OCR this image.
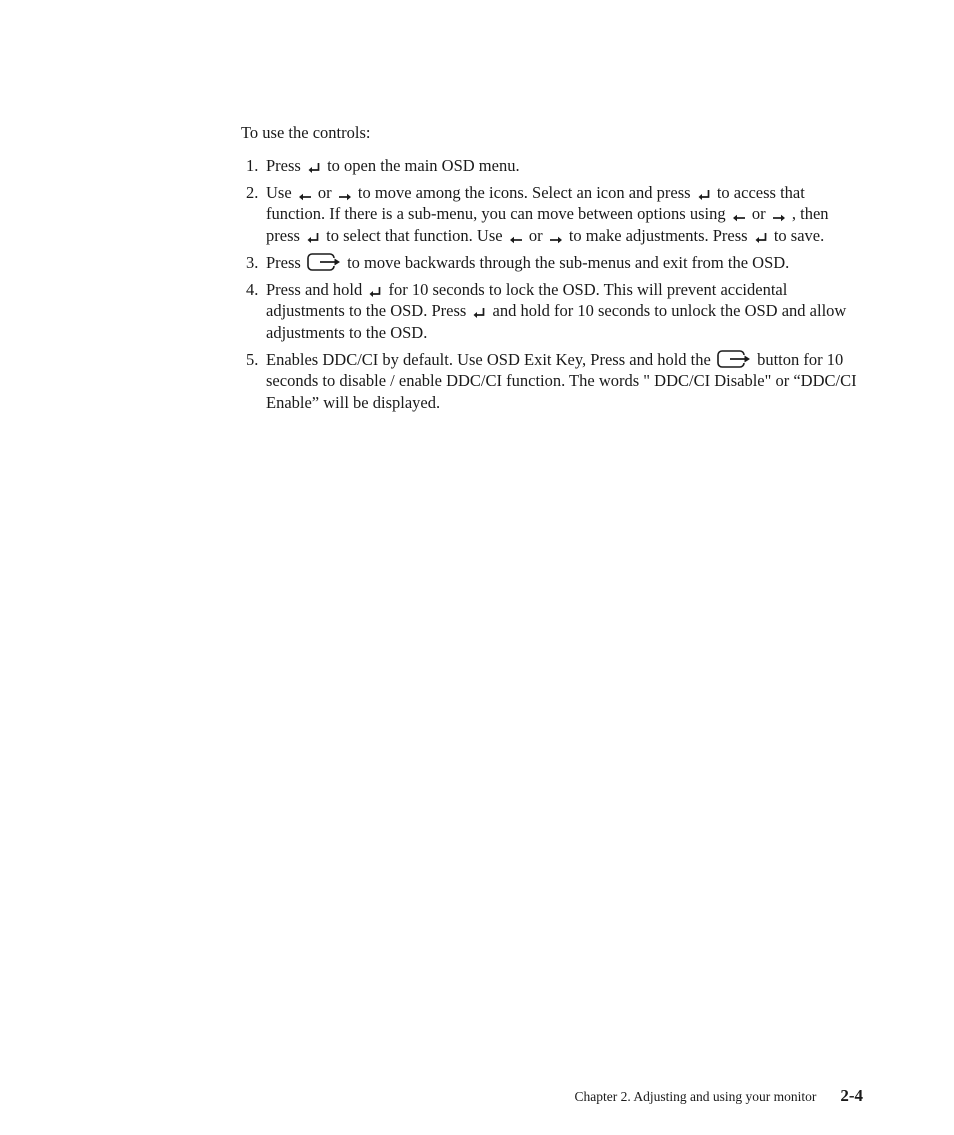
To use the controls:

1. Press to open the main OSD menu.
2. Use or to move among the icons. Select an icon and press to access that function. If there is a sub-menu, you can move between options using or , then press to select that function. Use or to make adjustments. Press to save.
3. Press	to move backwards through the sub-menus and exit from the OSD.
4. Press and hold for 10 seconds to lock the OSD. This will prevent accidental adjustments to the OSD. Press and hold for 10 seconds to unlock the OSD and allow adjustments to the OSD.
5. Enables DDC/CI by default. Use OSD Exit Key, Press and hold the	button for 10 seconds to disable / enable DDC/CI function. The words " DDC/CI Disable" or “DDC/CI Enable” will be displayed.
Chapter 2. Adjusting and using your monitor 2-4
